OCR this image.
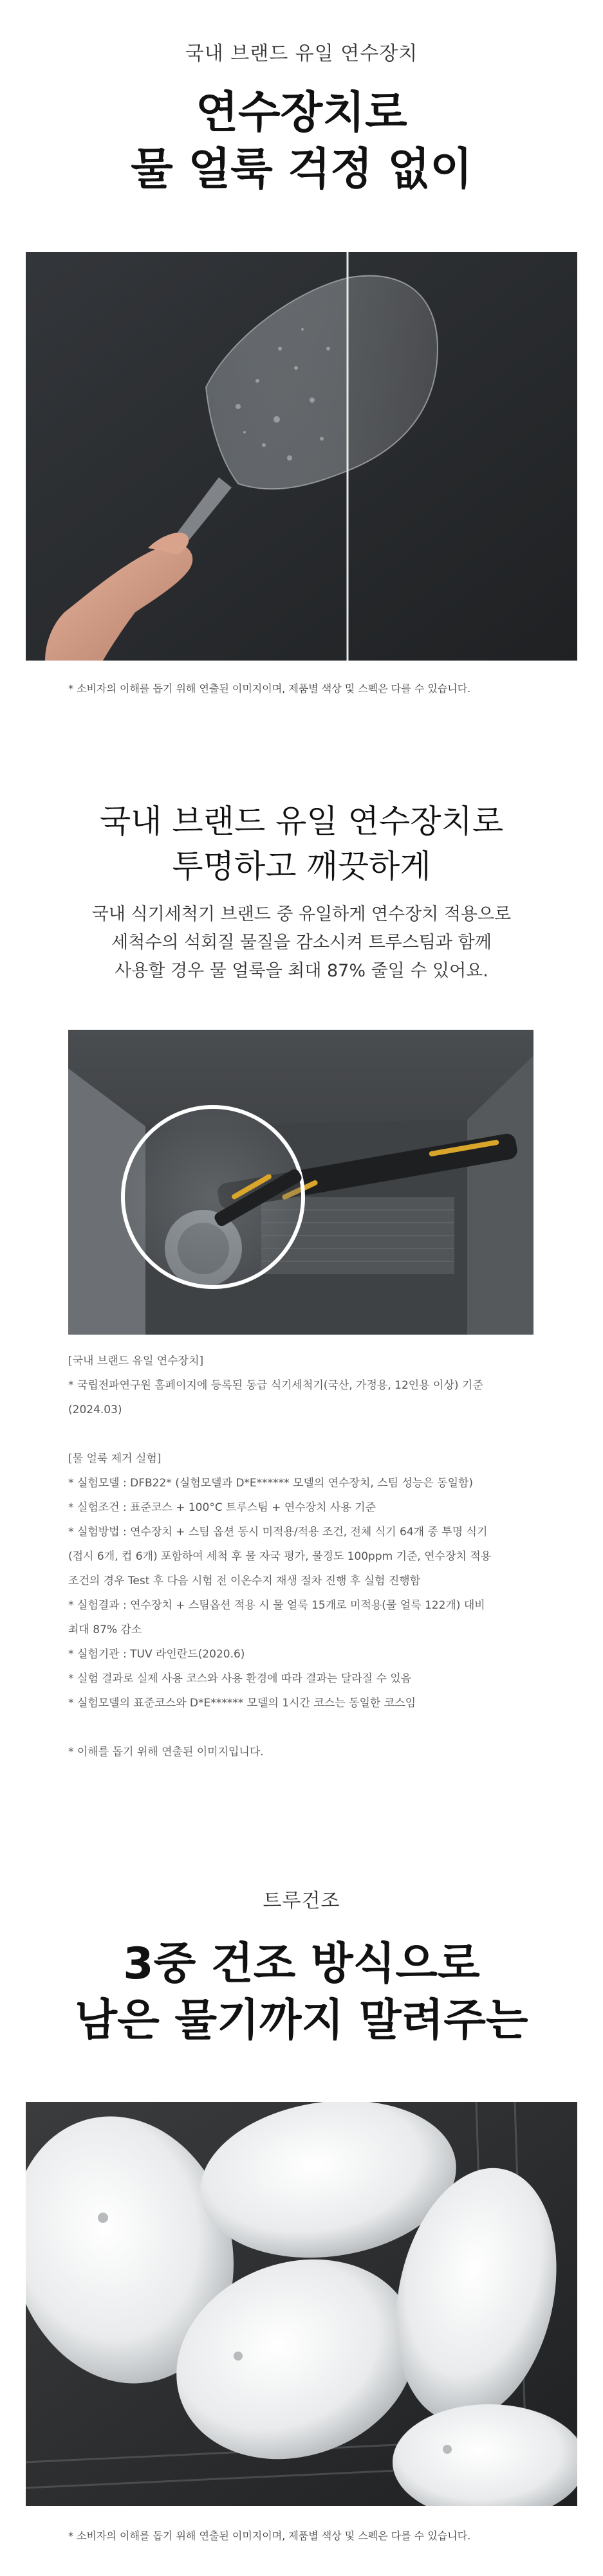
국내 브랜드 유일 연수장치
연수장치로
물 얼룩 걱정 없이
* 소비자의 이해를 돕기 위해 연출된 이미지이며, 제품별 색상 및 스펙은 다를 수 있습니다.
국내 브랜드 유일 연수장치로
투명하고 깨끗하게
국내 식기세척기 브랜드 중 유일하게 연수장치 적용으로
세척수의 석회질 물질을 감소시켜 트루스팀과 함께
사용할 경우 물 얼룩을 최대 87% 줄일 수 있어요.
[국내 브랜드 유일 연수장치]
* 국립전파연구원 홈페이지에 등록된 동급 식기세척기(국산, 가정용, 12인용 이상) 기준
(2024.03)
[물 얼룩 제거 실험]
* 실험모델 : DFB22* (실험모델과 D*E****** 모델의 연수장치, 스팀 성능은 동일함)
* 실험조건 : 표준코스 + 100°C 트루스팀 + 연수장치 사용 기준
* 실험방법 : 연수장치 + 스팀 옵션 동시 미적용/적용 조건, 전체 식기 64개 중 투명 식기
(접시 6개, 컵 6개) 포함하여 세척 후 물 자국 평가, 물경도 100ppm 기준, 연수장치 적용
조건의 경우 Test 후 다음 시험 전 이온수지 재생 절차 진행 후 실험 진행함
* 실험결과 : 연수장치 + 스팀옵션 적용 시 물 얼룩 15개로 미적용(물 얼룩 122개) 대비
최대 87% 감소
* 실험기관 : TUV 라인란드(2020.6)
* 실험 결과로 실제 사용 코스와 사용 환경에 따라 결과는 달라질 수 있음
* 실험모델의 표준코스와 D*E****** 모델의 1시간 코스는 동일한 코스임
* 이해를 돕기 위해 연출된 이미지입니다.
트루건조
3중 건조 방식으로
남은 물기까지 말려주는
* 소비자의 이해를 돕기 위해 연출된 이미지이며, 제품별 색상 및 스펙은 다를 수 있습니다.
